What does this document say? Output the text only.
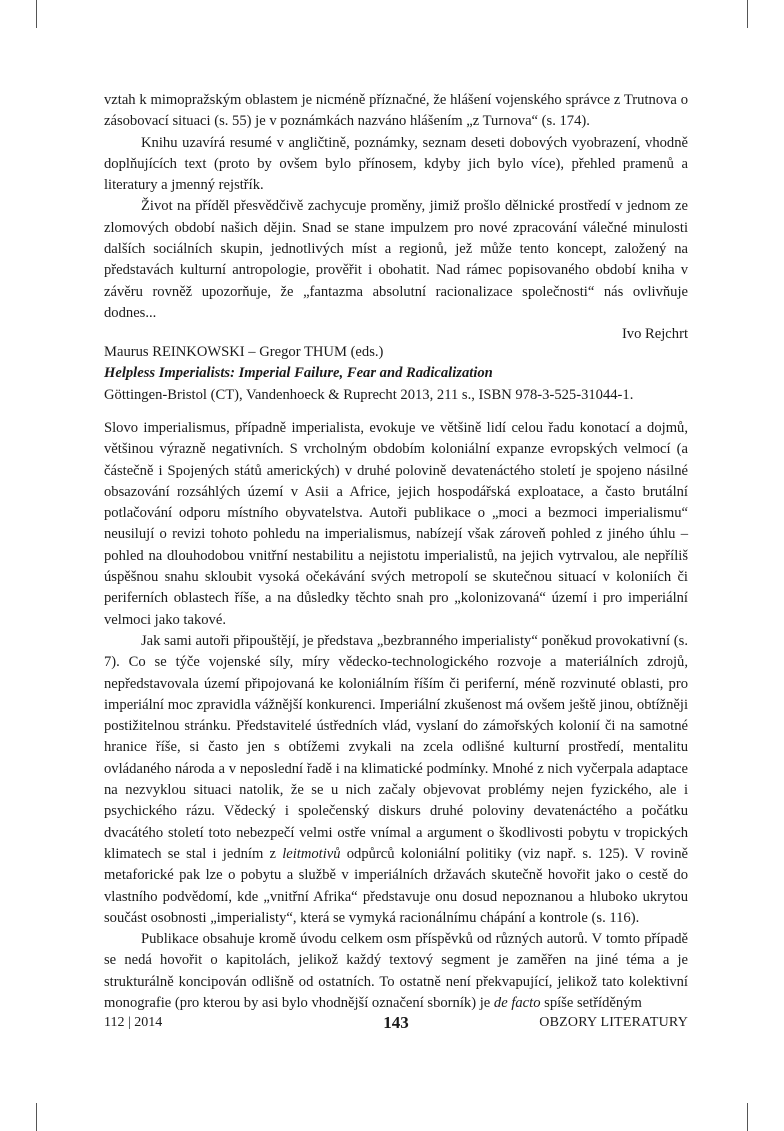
vztah k mimopražským oblastem je nicméně příznačné, že hlášení vojenského správce z Trutnova o zásobovací situaci (s. 55) je v poznámkách nazváno hlášením „z Turnova“ (s. 174).

Knihu uzavírá resumé v angličtině, poznámky, seznam deseti dobových vyobrazení, vhodně doplňujících text (proto by ovšem bylo přínosem, kdyby jich bylo více), přehled pramenů a literatury a jmenný rejstřík.

Život na příděl přesvědčivě zachycuje proměny, jimiž prošlo dělnické prostředí v jednom ze zlomových období našich dějin. Snad se stane impulzem pro nové zpracování válečné minulosti dalších sociálních skupin, jednotlivých míst a regionů, jež může tento koncept, založený na představách kulturní antropologie, prověřit i obohatit. Nad rámec popisovaného období kniha v závěru rovněž upozorňuje, že „fantazma absolutní racionalizace společnosti“ nás ovlivňuje dodnes...

Ivo Rejchrt

Maurus REINKOWSKI – Gregor THUM (eds.)
Helpless Imperialists: Imperial Failure, Fear and Radicalization
Göttingen-Bristol (CT), Vandenhoeck & Ruprecht 2013, 211 s., ISBN 978-3-525-31044-1.

Slovo imperialismus, případně imperialista, evokuje ve většině lidí celou řadu konotací a dojmů, většinou výrazně negativních. S vrcholným obdobím koloniální expanze evropských velmocí (a částečně i Spojených států amerických) v druhé polovině devatenáctého století je spojeno násilné obsazování rozsáhlých území v Asii a Africe, jejich hospodářská exploatace, a často brutální potlačování odporu místního obyvatelstva. Autoři publikace o „moci a bezmoci imperialismu“ neusilují o revizi tohoto pohledu na imperialismus, nabízejí však zároveň pohled z jiného úhlu – pohled na dlouhodobou vnitřní nestabilitu a nejistotu imperialistů, na jejich vytrvalou, ale nepříliš úspěšnou snahu skloubit vysoká očekávání svých metropolí se skutečnou situací v koloniích či periferních oblastech říše, a na důsledky těchto snah pro „kolonizovaná“ území i pro imperiální velmoci jako takové.

Jak sami autoři připouštějí, je představa „bezbranného imperialisty“ poněkud provokativní (s. 7). Co se týče vojenské síly, míry vědecko-technologického rozvoje a materiálních zdrojů, nepředstavovala území připojovaná ke koloniálním říším či periferní, méně rozvinuté oblasti, pro imperiální moc zpravidla vážnější konkurenci. Imperiální zkušenost má ovšem ještě jinou, obtížněji postižitelnou stránku. Představitelé ústředních vlád, vyslaní do zámořských kolonií či na samotné hranice říše, si často jen s obtížemi zvykali na zcela odlišné kulturní prostředí, mentalitu ovládaného národa a v neposlední řadě i na klimatické podmínky. Mnohé z nich vyčerpala adaptace na nezvyklou situaci natolik, že se u nich začaly objevovat problémy nejen fyzického, ale i psychického rázu. Vědecký i společenský diskurs druhé poloviny devatenáctého a počátku dvacátého století toto nebezpečí velmi ostře vnímal a argument o škodlivosti pobytu v tropických klimatech se stal i jedním z leitmotivů odpůrců koloniální politiky (viz např. s. 125). V rovině metaforické pak lze o pobytu a službě v imperiálních državách skutečně hovořit jako o cestě do vlastního podvědomí, kde „vnitřní Afrika“ představuje onu dosud nepoznanou a hluboko ukrytou součást osobnosti „imperialisty“, která se vymyká racionálnímu chápání a kontrole (s. 116).

Publikace obsahuje kromě úvodu celkem osm příspěvků od různých autorů. V tomto případě se nedá hovořit o kapitolách, jelikož každý textový segment je zaměřen na jiné téma a je strukturálně koncipován odlišně od ostatních. To ostatně není překvapující, jelikož tato kolektivní monografie (pro kterou by asi bylo vhodnější označení sborník) je de facto spíše setříděným

112 | 2014	143	OBZORY LITERATURY
